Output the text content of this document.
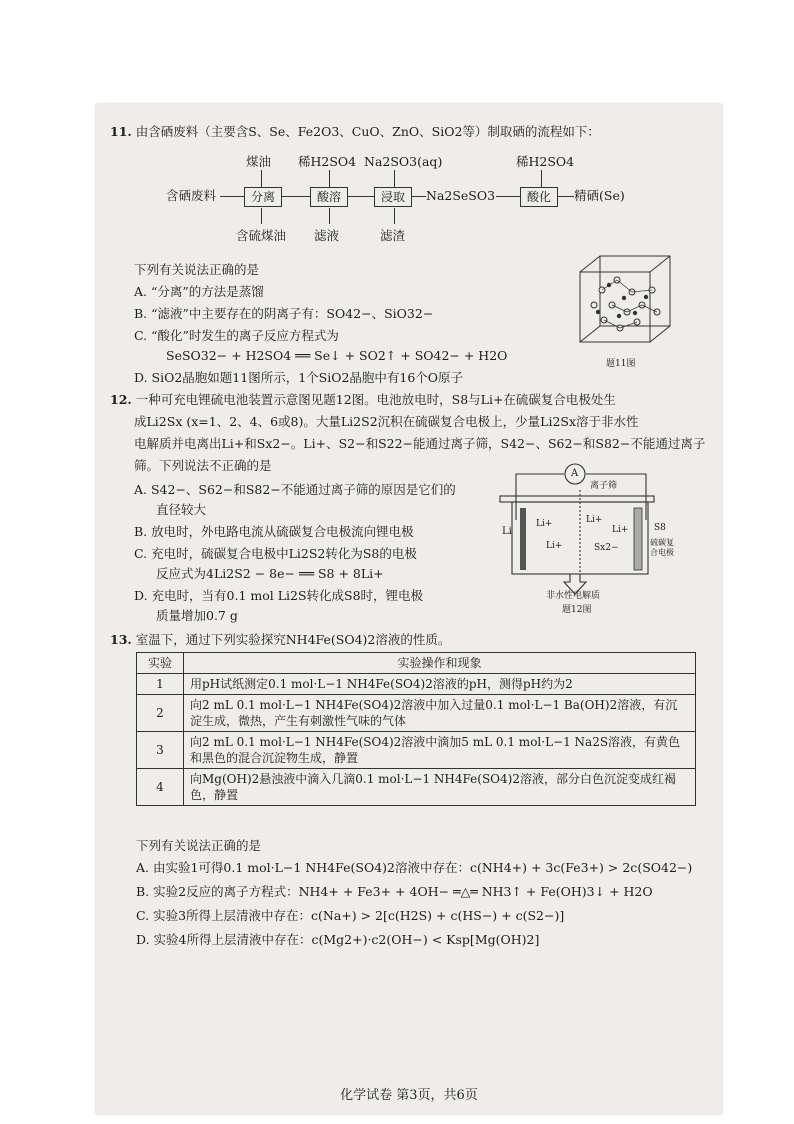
11. 由含硒废料（主要含S、Se、Fe2O3、CuO、ZnO、SiO2等）制取硒的流程如下：
煤油 稀H2SO4 Na2SO3(aq)	稀H2SO4
含硒废料	分离	酸溶	浸取	Na2SeSO3	酸化	精硒(Se)
含硫煤油 滤液	滤渣
下列有关说法正确的是
A. “分离”的方法是蒸馏
B. “滤液”中主要存在的阴离子有：SO42−、SiO32−
C. “酸化”时发生的离子反应方程式为
SeSO32− + H2SO4 ══ Se↓ + SO2↑ + SO42− + H2O
D. SiO2晶胞如题11图所示，1个SiO2晶胞中有16个O原子
题11图
12. 一种可充电锂硫电池装置示意图见题12图。电池放电时，S8与Li+在硫碳复合电极处生
成Li2Sx (x=1、2、4、6或8)。大量Li2S2沉积在硫碳复合电极上，少量Li2Sx溶于非水性
电解质并电离出Li+和Sx2−。Li+、S2−和S22−能通过离子筛，S42−、S62−和S82−不能通过离子
筛。下列说法不正确的是
A. S42−、S62−和S82−不能通过离子筛的原因是它们的
直径较大
B. 放电时，外电路电流从硫碳复合电极流向锂电极
C. 充电时，硫碳复合电极中Li2S2转化为S8的电极
反应式为4Li2S2 − 8e− ══ S8 + 8Li+
D. 充电时，当有0.1 mol Li2S转化成S8时，锂电极
质量增加0.7 g
A
离子筛
Li
Li+
Li+
Li+
Li+
Sx2−
S8
硫碳复合电极
非水性电解质
题12图
13. 室温下，通过下列实验探究NH4Fe(SO4)2溶液的性质。
实验	实验操作和现象
1	用pH试纸测定0.1 mol·L−1 NH4Fe(SO4)2溶液的pH，测得pH约为2
2	向2 mL 0.1 mol·L−1 NH4Fe(SO4)2溶液中加入过量0.1 mol·L−1 Ba(OH)2溶液，有沉淀生成，微热，产生有刺激性气味的气体
3	向2 mL 0.1 mol·L−1 NH4Fe(SO4)2溶液中滴加5 mL 0.1 mol·L−1 Na2S溶液，有黄色和黑色的混合沉淀物生成，静置
4	向Mg(OH)2悬浊液中滴入几滴0.1 mol·L−1 NH4Fe(SO4)2溶液，部分白色沉淀变成红褐色，静置
下列有关说法正确的是
A. 由实验1可得0.1 mol·L−1 NH4Fe(SO4)2溶液中存在：c(NH4+) + 3c(Fe3+) > 2c(SO42−)
B. 实验2反应的离子方程式：NH4+ + Fe3+ + 4OH− ═△═ NH3↑ + Fe(OH)3↓ + H2O
C. 实验3所得上层清液中存在：c(Na+) > 2[c(H2S) + c(HS−) + c(S2−)]
D. 实验4所得上层清液中存在：c(Mg2+)·c2(OH−) < Ksp[Mg(OH)2]
化学试卷 第3页，共6页
